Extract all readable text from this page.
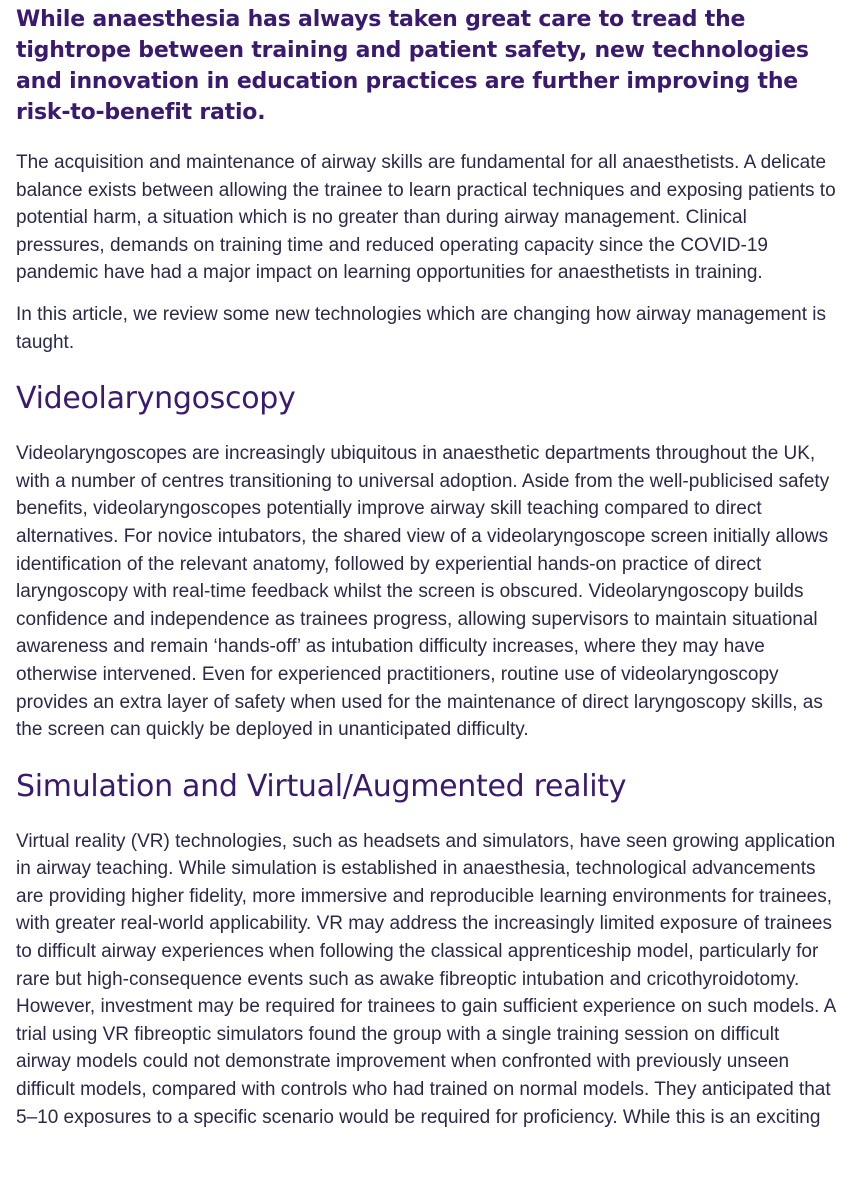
While anaesthesia has always taken great care to tread the tightrope between training and patient safety, new technologies and innovation in education practices are further improving the risk-to-benefit ratio.

The acquisition and maintenance of airway skills are fundamental for all anaesthetists. A delicate balance exists between allowing the trainee to learn practical techniques and exposing patients to potential harm, a situation which is no greater than during airway management. Clinical pressures, demands on training time and reduced operating capacity since the COVID-19 pandemic have had a major impact on learning opportunities for anaesthetists in training.

In this article, we review some new technologies which are changing how airway management is taught.

Videolaryngoscopy

Videolaryngoscopes are increasingly ubiquitous in anaesthetic departments throughout the UK, with a number of centres transitioning to universal adoption. Aside from the well-publicised safety benefits, videolaryngoscopes potentially improve airway skill teaching compared to direct alternatives. For novice intubators, the shared view of a videolaryngoscope screen initially allows identification of the relevant anatomy, followed by experiential hands-on practice of direct laryngoscopy with real-time feedback whilst the screen is obscured. Videolaryngoscopy builds confidence and independence as trainees progress, allowing supervisors to maintain situational awareness and remain ‘hands-off’ as intubation difficulty increases, where they may have otherwise intervened. Even for experienced practitioners, routine use of videolaryngoscopy provides an extra layer of safety when used for the maintenance of direct laryngoscopy skills, as the screen can quickly be deployed in unanticipated difficulty.

Simulation and Virtual/Augmented reality

Virtual reality (VR) technologies, such as headsets and simulators, have seen growing application in airway teaching. While simulation is established in anaesthesia, technological advancements are providing higher fidelity, more immersive and reproducible learning environments for trainees, with greater real-world applicability. VR may address the increasingly limited exposure of trainees to difficult airway experiences when following the classical apprenticeship model, particularly for rare but high-consequence events such as awake fibreoptic intubation and cricothyroidotomy. However, investment may be required for trainees to gain sufficient experience on such models. A trial using VR fibreoptic simulators found the group with a single training session on difficult airway models could not demonstrate improvement when confronted with previously unseen difficult models, compared with controls who had trained on normal models. They anticipated that 5–10 exposures to a specific scenario would be required for proficiency. While this is an exciting
